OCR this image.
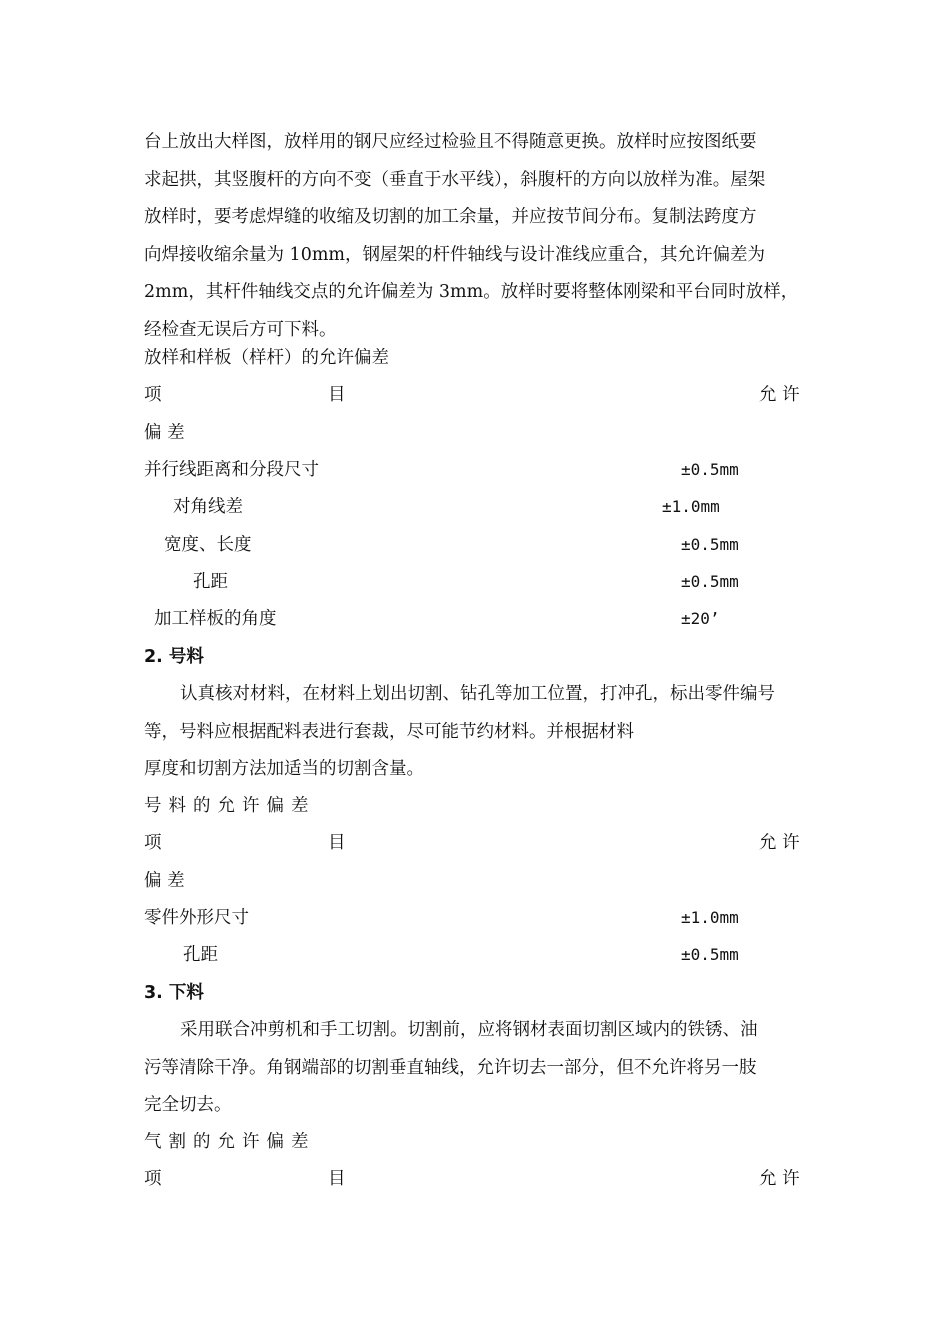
台上放出大样图，放样用的钢尺应经过检验且不得随意更换。放样时应按图纸要
求起拱，其竖腹杆的方向不变（垂直于水平线），斜腹杆的方向以放样为准。屋架
放样时，要考虑焊缝的收缩及切割的加工余量，并应按节间分布。复制法跨度方
向焊接收缩余量为 10mm，钢屋架的杆件轴线与设计准线应重合，其允许偏差为
2mm，其杆件轴线交点的允许偏差为 3mm。放样时要将整体刚梁和平台同时放样，
经检查无误后方可下料。
放样和样板（样杆）的允许偏差
项	目	允 许
偏 差
并行线距离和分段尺寸	±0.5mm
对角线差	±1.0mm
宽度、长度	±0.5mm
孔距	±0.5mm
加工样板的角度	±20’
2. 号料
认真核对材料，在材料上划出切割、钻孔等加工位置，打冲孔，标出零件编号
等，号料应根据配料表进行套裁，尽可能节约材料。并根据材料
厚度和切割方法加适当的切割含量。
号料的允许偏差
项	目	允 许
偏 差
零件外形尺寸	±1.0mm
孔距	±0.5mm
3. 下料
采用联合冲剪机和手工切割。切割前，应将钢材表面切割区域内的铁锈、油
污等清除干净。角钢端部的切割垂直轴线，允许切去一部分，但不允许将另一肢
完全切去。
气割的允许偏差
项	目	允 许
